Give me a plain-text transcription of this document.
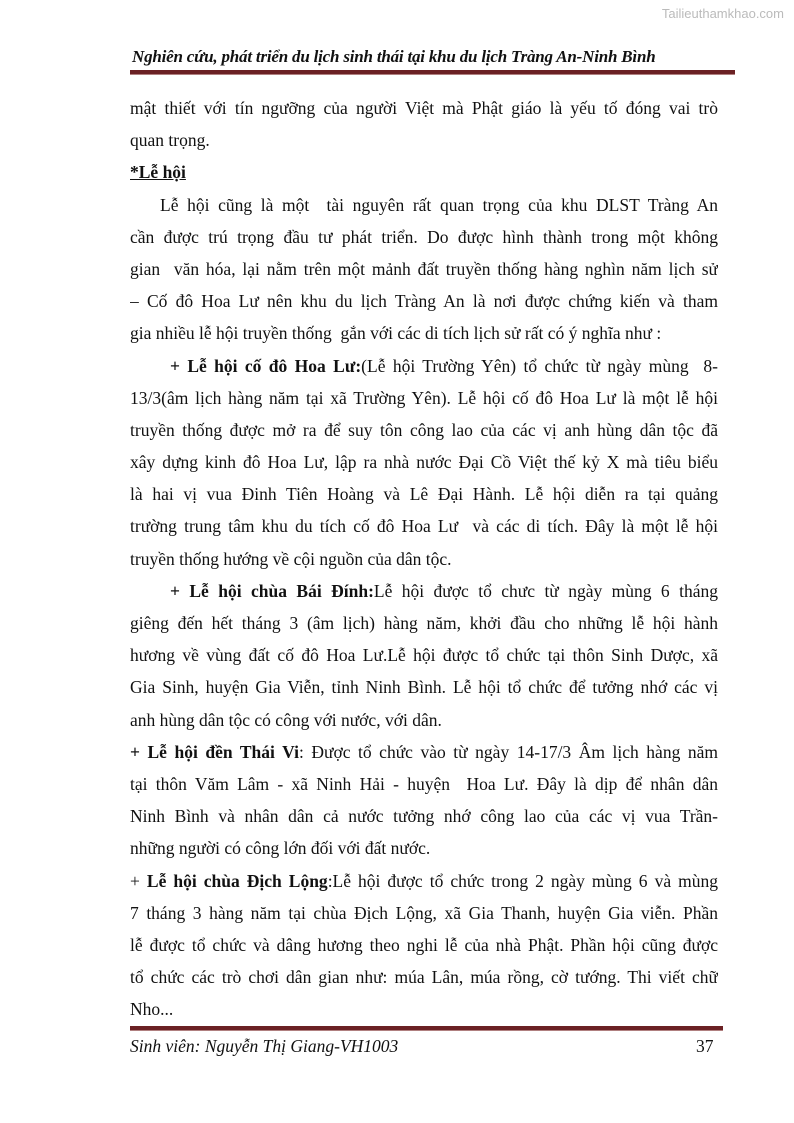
Tailieuthamkhao.com
Nghiên cứu, phát triển du lịch sinh thái tại khu du lịch Tràng An-Ninh Bình
mật thiết với tín ngưỡng của người Việt mà Phật giáo là yếu tố đóng vai trò
quan trọng.
*Lễ hội
Lễ hội cũng là một  tài nguyên rất quan trọng của khu DLST Tràng An
cần được trú trọng đầu tư phát triển. Do được hình thành trong một không
gian  văn hóa, lại nằm trên một mảnh đất truyền thống hàng nghìn năm lịch sử
– Cố đô Hoa Lư nên khu du lịch Tràng An là nơi được chứng kiến và tham
gia nhiều lễ hội truyền thống  gắn với các di tích lịch sử rất có ý nghĩa như :
+ Lễ hội cố đô Hoa Lư:(Lễ hội Trường Yên) tổ chức từ ngày mùng  8-
13/3(âm lịch hàng năm tại xã Trường Yên). Lễ hội cố đô Hoa Lư là một lễ hội
truyền thống được mở ra để suy tôn công lao của các vị anh hùng dân tộc đã
xây dựng kinh đô Hoa Lư, lập ra nhà nước Đại Cồ Việt thế kỷ X mà tiêu biểu
là hai vị vua Đinh Tiên Hoàng và Lê Đại Hành. Lễ hội diễn ra tại quảng
trường trung tâm khu du tích cố đô Hoa Lư  và các di tích. Đây là một lễ hội
truyền thống hướng về cội nguồn của dân tộc.
+ Lễ hội chùa Bái Đính:Lễ hội được tổ chưc từ ngày mùng 6 tháng
giêng đến hết tháng 3 (âm lịch) hàng năm, khởi đầu cho những lễ hội hành
hương về vùng đất cố đô Hoa Lư.Lễ hội được tổ chức tại thôn Sinh Dược, xã
Gia Sinh, huyện Gia Viễn, tỉnh Ninh Bình. Lễ hội tổ chức để tưởng nhớ các vị
anh hùng dân tộc có công với nước, với dân.
+ Lễ hội đền Thái Vi: Được tổ chức vào từ ngày 14-17/3 Âm lịch hàng năm
tại thôn Văm Lâm - xã Ninh Hải - huyện  Hoa Lư. Đây là dịp để nhân dân
Ninh Bình và nhân dân cả nước tưởng nhớ công lao của các vị vua Trần-
những người có công lớn đối với đất nước.
+ Lễ hội chùa Địch Lộng:Lễ hội được tổ chức trong 2 ngày mùng 6 và mùng
7 tháng 3 hàng năm tại chùa Địch Lộng, xã Gia Thanh, huyện Gia viễn. Phần
lễ được tổ chức và dâng hương theo nghi lễ của nhà Phật. Phần hội cũng được
tổ chức các trò chơi dân gian như: múa Lân, múa rồng, cờ tướng. Thi viết chữ
Nho...
Sinh viên: Nguyễn Thị Giang-VH1003	37
